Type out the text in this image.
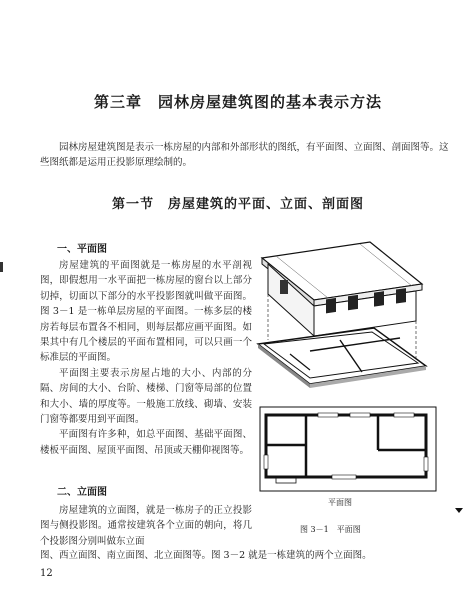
第三章　园林房屋建筑图的基本表示方法
园林房屋建筑图是表示一栋房屋的内部和外部形状的图纸，有平面图、立面图、剖面图等。这些图纸都是运用正投影原理绘制的。
第一节　房屋建筑的平面、立面、剖面图
一、平面图

房屋建筑的平面图就是一栋房屋的水平剖视图，即假想用一水平面把一栋房屋的窗台以上部分切掉，切面以下部分的水平投影图就叫做平面图。图 3－1 是一栋单层房屋的平面图。一栋多层的楼房若每层布置各不相同，则每层都应画平面图。如果其中有几个楼层的平面布置相同，可以只画一个标准层的平面图。

平面图主要表示房屋占地的大小、内部的分隔、房间的大小、台阶、楼梯、门窗等局部的位置和大小、墙的厚度等。一般施工放线、砌墙、安装门窗等都要用到平面图。

平面图有许多种，如总平面图、基础平面图、楼板平面图、屋顶平面图、吊顶或天棚仰视图等。

二、立面图

房屋建筑的立面图，就是一栋房子的正立投影图与侧投影图。通常按建筑各个立面的朝向，将几个投影图分别叫做东立面

图、西立面图、南立面图、北立面图等。图 3－2 就是一栋建筑的两个立面图。

平面图
图 3－1　平面图
12
